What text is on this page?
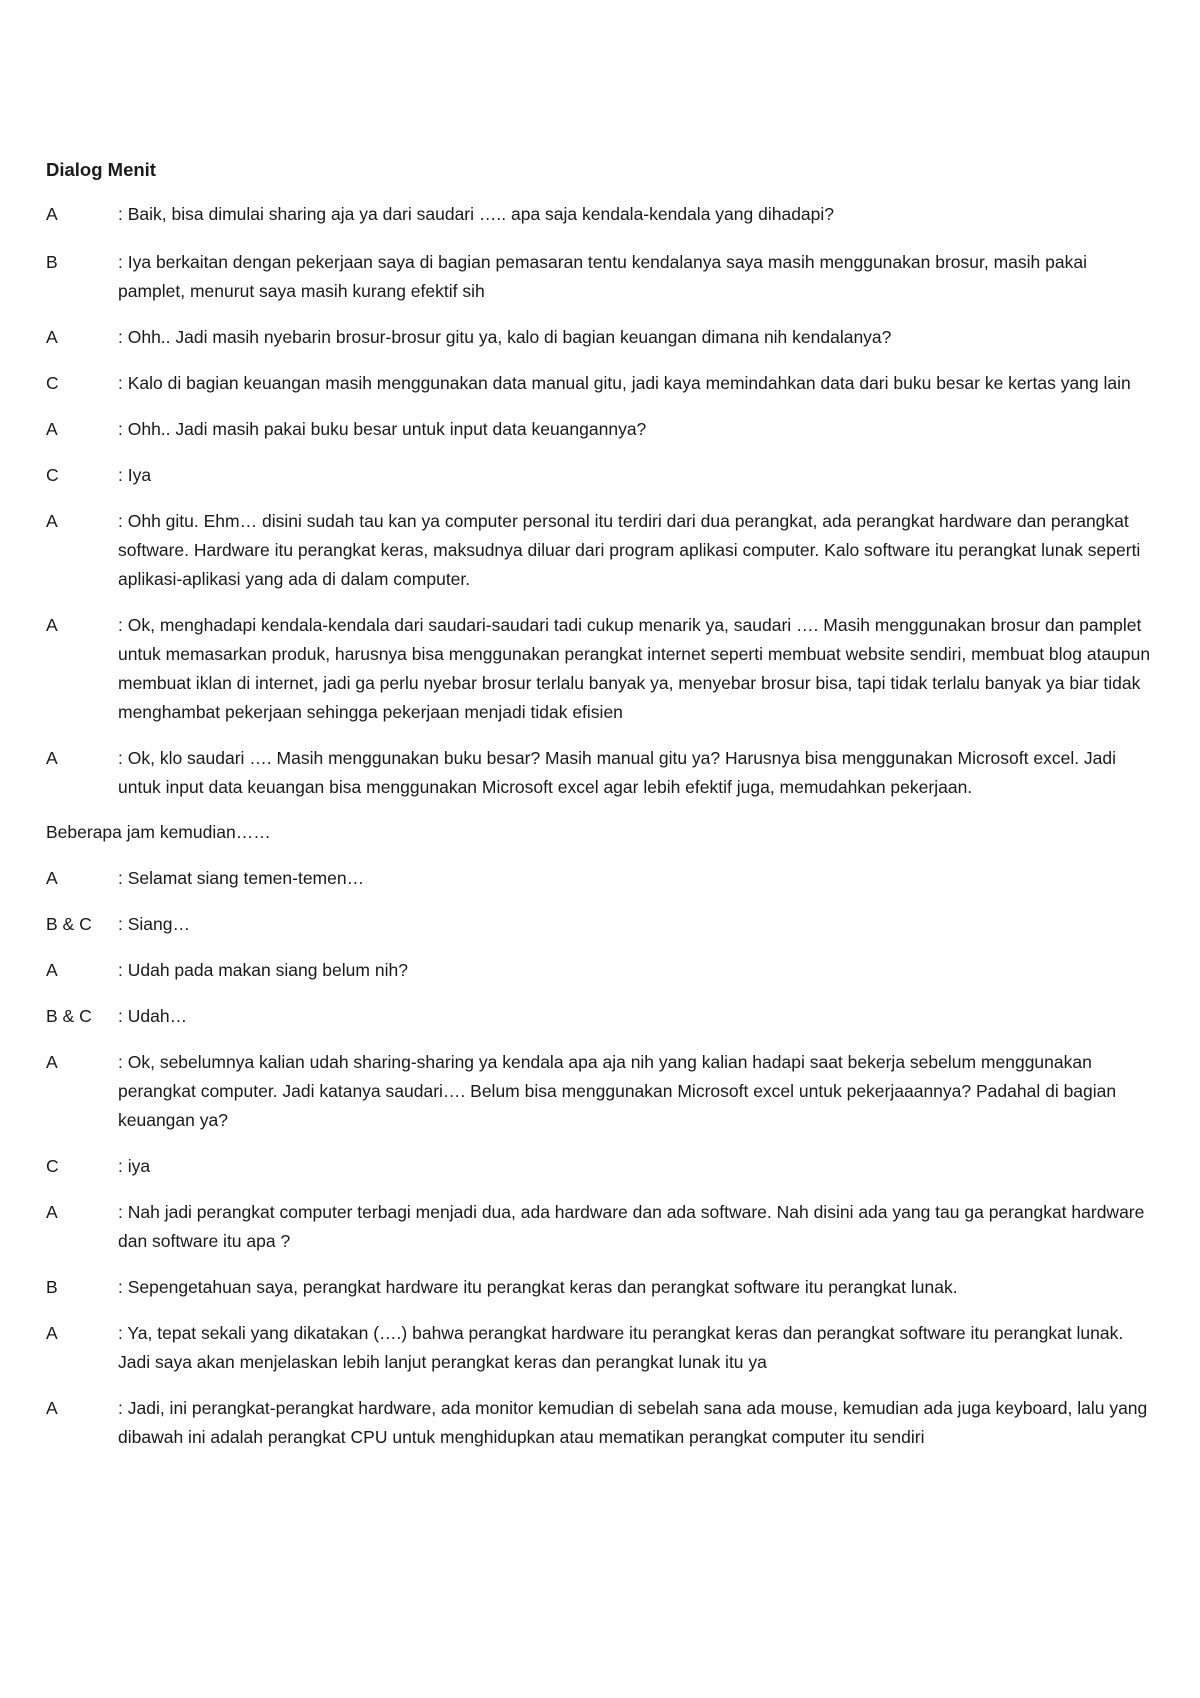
Dialog Menit
A	: Baik, bisa dimulai sharing aja ya dari saudari ….. apa saja kendala-kendala yang dihadapi?
B	: Iya berkaitan dengan pekerjaan saya di bagian pemasaran tentu kendalanya saya masih menggunakan brosur, masih pakai pamplet, menurut saya masih kurang efektif sih
A	: Ohh.. Jadi masih nyebarin brosur-brosur gitu ya, kalo di bagian keuangan dimana nih kendalanya?
C	: Kalo di bagian keuangan masih menggunakan data manual gitu, jadi kaya memindahkan data dari buku besar ke kertas yang lain
A	: Ohh.. Jadi masih pakai buku besar untuk input data keuangannya?
C	: Iya
A	: Ohh gitu. Ehm… disini sudah tau kan ya computer personal itu terdiri dari dua perangkat, ada perangkat hardware dan perangkat software. Hardware itu perangkat keras, maksudnya diluar dari program aplikasi computer. Kalo software itu perangkat lunak seperti aplikasi-aplikasi yang ada di dalam computer.
A	: Ok, menghadapi kendala-kendala dari saudari-saudari tadi cukup menarik ya, saudari …. Masih menggunakan brosur dan pamplet untuk memasarkan produk, harusnya bisa menggunakan perangkat internet seperti membuat website sendiri, membuat blog ataupun membuat iklan di internet, jadi ga perlu nyebar brosur terlalu banyak ya, menyebar brosur bisa, tapi tidak terlalu banyak ya biar tidak menghambat pekerjaan sehingga pekerjaan menjadi tidak efisien
A	: Ok, klo saudari …. Masih menggunakan buku besar? Masih manual gitu ya? Harusnya bisa menggunakan Microsoft excel. Jadi untuk input data keuangan bisa menggunakan Microsoft excel agar lebih efektif juga, memudahkan pekerjaan.
Beberapa jam kemudian……
A	: Selamat siang temen-temen…
B & C	: Siang…
A	: Udah pada makan siang belum nih?
B & C	: Udah…
A	: Ok, sebelumnya kalian udah sharing-sharing ya kendala apa aja nih yang kalian hadapi saat bekerja sebelum menggunakan perangkat computer. Jadi katanya saudari…. Belum bisa menggunakan Microsoft excel untuk pekerjaaannya? Padahal di bagian keuangan ya?
C	: iya
A	: Nah jadi perangkat computer terbagi menjadi dua, ada hardware dan ada software. Nah disini ada yang tau ga perangkat hardware dan software itu apa ?
B	: Sepengetahuan saya, perangkat hardware itu perangkat keras dan perangkat software itu perangkat lunak.
A	: Ya, tepat sekali yang dikatakan (….) bahwa perangkat hardware itu perangkat keras dan perangkat software itu perangkat lunak. Jadi saya akan menjelaskan lebih lanjut perangkat keras dan perangkat lunak itu ya
A	: Jadi, ini perangkat-perangkat hardware, ada monitor kemudian di sebelah sana ada mouse, kemudian ada juga keyboard, lalu yang dibawah ini adalah perangkat CPU untuk menghidupkan atau mematikan perangkat computer itu sendiri
